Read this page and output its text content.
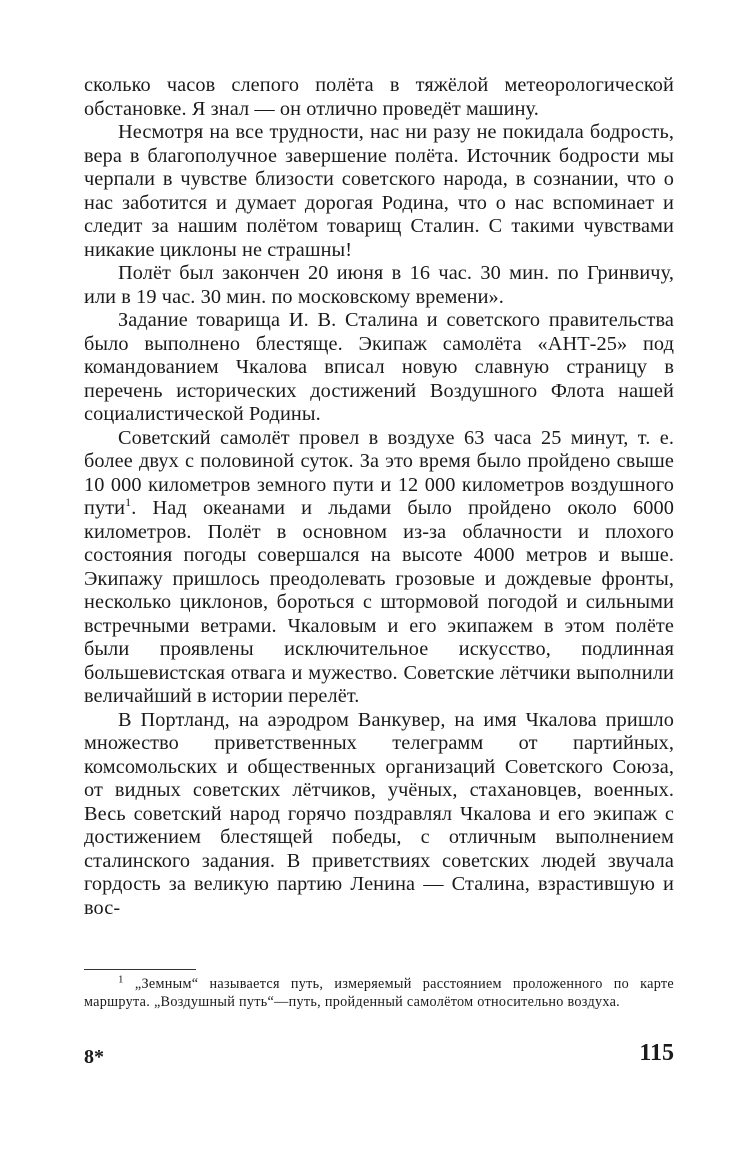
сколько часов слепого полёта в тяжёлой метеорологической обстановке. Я знал — он отлично проведёт машину.

Несмотря на все трудности, нас ни разу не покидала бодрость, вера в благополучное завершение полёта. Источник бодрости мы черпали в чувстве близости советского народа, в сознании, что о нас заботится и думает дорогая Родина, что о нас вспоминает и следит за нашим полётом товарищ Сталин. С такими чувствами никакие циклоны не страшны!

Полёт был закончен 20 июня в 16 час. 30 мин. по Гринвичу, или в 19 час. 30 мин. по московскому времени».

Задание товарища И. В. Сталина и советского правительства было выполнено блестяще. Экипаж самолёта «АНТ-25» под командованием Чкалова вписал новую славную страницу в перечень исторических достижений Воздушного Флота нашей социалистической Родины.

Советский самолёт провел в воздухе 63 часа 25 минут, т. е. более двух с половиной суток. За это время было пройдено свыше 10 000 километров земного пути и 12 000 километров воздушного пути$^1$. Над океанами и льдами было пройдено около 6000 километров. Полёт в основном из-за облачности и плохого состояния погоды совершался на высоте 4000 метров и выше. Экипажу пришлось преодолевать грозовые и дождевые фронты, несколько циклонов, бороться с штормовой погодой и сильными встречными ветрами. Чкаловым и его экипажем в этом полёте были проявлены исключительное искусство, подлинная большевистская отвага и мужество. Советские лётчики выполнили величайший в истории перелёт.

В Портланд, на аэродром Ванкувер, на имя Чкалова пришло множество приветственных телеграмм от партийных, комсомольских и общественных организаций Советского Союза, от видных советских лётчиков, учёных, стахановцев, военных. Весь советский народ горячо поздравлял Чкалова и его экипаж с достижением блестящей победы, с отличным выполнением сталинского задания. В приветствиях советских людей звучала гордость за великую партию Ленина — Сталина, взрастившую и вос-

$^1$ „Земным“ называется путь, измеряемый расстоянием проложенного по карте маршрута. „Воздушный путь“—путь, пройденный самолётом относительно воздуха.

8*	115
